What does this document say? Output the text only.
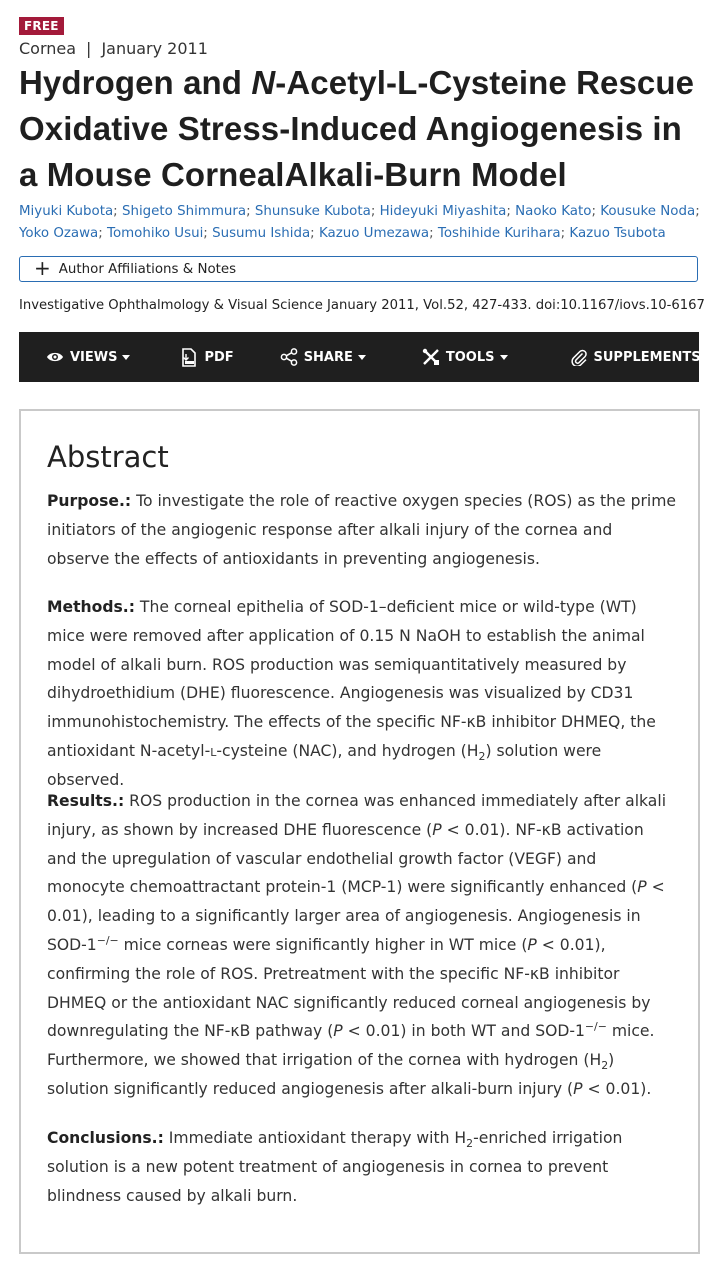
FREE
Cornea | January 2011
Hydrogen and N-Acetyl-L-Cysteine Rescue Oxidative Stress-Induced Angiogenesis in a Mouse CornealAlkali-Burn Model
Miyuki Kubota; Shigeto Shimmura; Shunsuke Kubota; Hideyuki Miyashita; Naoko Kato; Kousuke Noda;
Yoko Ozawa; Tomohiko Usui; Susumu Ishida; Kazuo Umezawa; Toshihide Kurihara; Kazuo Tsubota
+ Author Affiliations & Notes
Investigative Ophthalmology & Visual Science January 2011, Vol.52, 427-433. doi:10.1167/iovs.10-6167
VIEWS	PDF	SHARE	TOOLS	SUPPLEMENTS
Abstract

Purpose.: To investigate the role of reactive oxygen species (ROS) as the prime initiators of the angiogenic response after alkali injury of the cornea and observe the effects of antioxidants in preventing angiogenesis.

Methods.: The corneal epithelia of SOD-1–deficient mice or wild-type (WT) mice were removed after application of 0.15 N NaOH to establish the animal model of alkali burn. ROS production was semiquantitatively measured by dihydroethidium (DHE) fluorescence. Angiogenesis was visualized by CD31 immunohistochemistry. The effects of the specific NF-κB inhibitor DHMEQ, the antioxidant N-acetyl-l-cysteine (NAC), and hydrogen $(H_2)$ solution were observed.

Results.: ROS production in the cornea was enhanced immediately after alkali injury, as shown by increased DHE fluorescence (P < 0.01). NF-κB activation and the upregulation of vascular endothelial growth factor (VEGF) and monocyte chemoattractant protein-1 (MCP-1) were significantly enhanced (P < 0.01), leading to a significantly larger area of angiogenesis. Angiogenesis in SOD-1−/− mice corneas were significantly higher in WT mice (P < 0.01), confirming the role of ROS. Pretreatment with the specific NF-κB inhibitor DHMEQ or the antioxidant NAC significantly reduced corneal angiogenesis by downregulating the NF-κB pathway (P < 0.01) in both WT and SOD-1−/− mice. Furthermore, we showed that irrigation of the cornea with hydrogen $(H_2)$ solution significantly reduced angiogenesis after alkali-burn injury (P < 0.01).

Conclusions.: Immediate antioxidant therapy with $H_2$-enriched irrigation solution is a new potent treatment of angiogenesis in cornea to prevent blindness caused by alkali burn.
